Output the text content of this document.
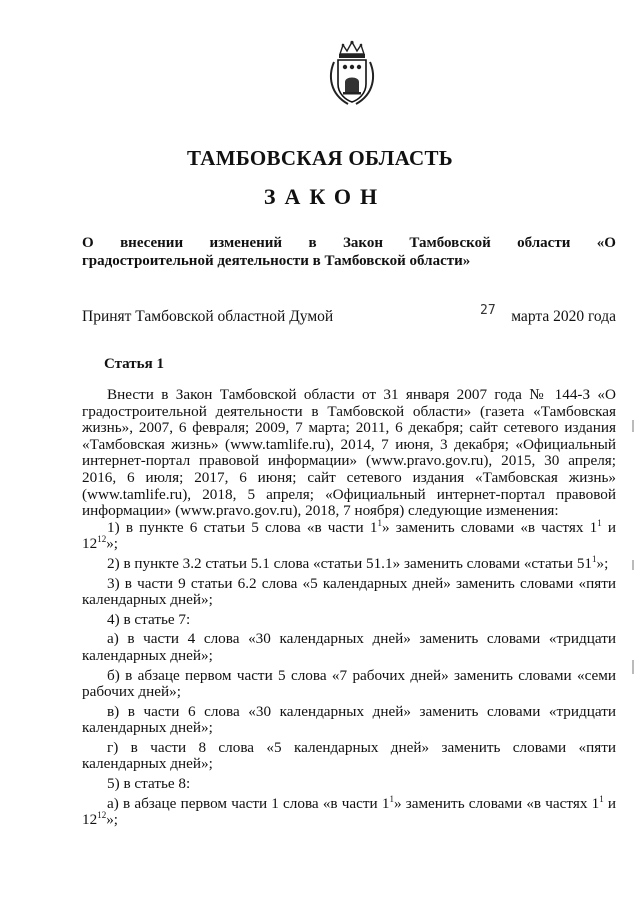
ТАМБОВСКАЯ ОБЛАСТЬ
ЗАКОН
О внесении изменений в Закон Тамбовской области «О
градостроительной деятельности в Тамбовской области»
Принят Тамбовской областной Думой	27 марта 2020 года
Статья 1

Внести в Закон Тамбовской области от 31 января 2007 года № 144-З «О градостроительной деятельности в Тамбовской области» (газета «Тамбовская жизнь», 2007, 6 февраля; 2009, 7 марта; 2011, 6 декабря; сайт сетевого издания «Тамбовская жизнь» (www.tamlife.ru), 2014, 7 июня, 3 декабря; «Официальный интернет-портал правовой информации» (www.pravo.gov.ru), 2015, 30 апреля; 2016, 6 июля; 2017, 6 июня; сайт сетевого издания «Тамбовская жизнь» (www.tamlife.ru), 2018, 5 апреля; «Официальный интернет-портал правовой информации» (www.pravo.gov.ru), 2018, 7 ноября) следующие изменения:

1) в пункте 6 статьи 5 слова «в части $1^1$» заменить словами «в частях $1^1$ и $12^{12}$»;

2) в пункте 3.2 статьи 5.1 слова «статьи 51.1» заменить словами «статьи $51^1$»;

3) в части 9 статьи 6.2 слова «5 календарных дней» заменить словами «пяти календарных дней»;

4) в статье 7:

а) в части 4 слова «30 календарных дней» заменить словами «тридцати календарных дней»;

б) в абзаце первом части 5 слова «7 рабочих дней» заменить словами «семи рабочих дней»;

в) в части 6 слова «30 календарных дней» заменить словами «тридцати календарных дней»;

г) в части 8 слова «5 календарных дней» заменить словами «пяти календарных дней»;

5) в статье 8:

а) в абзаце первом части 1 слова «в части $1^1$» заменить словами «в частях $1^1$ и $12^{12}$»;
